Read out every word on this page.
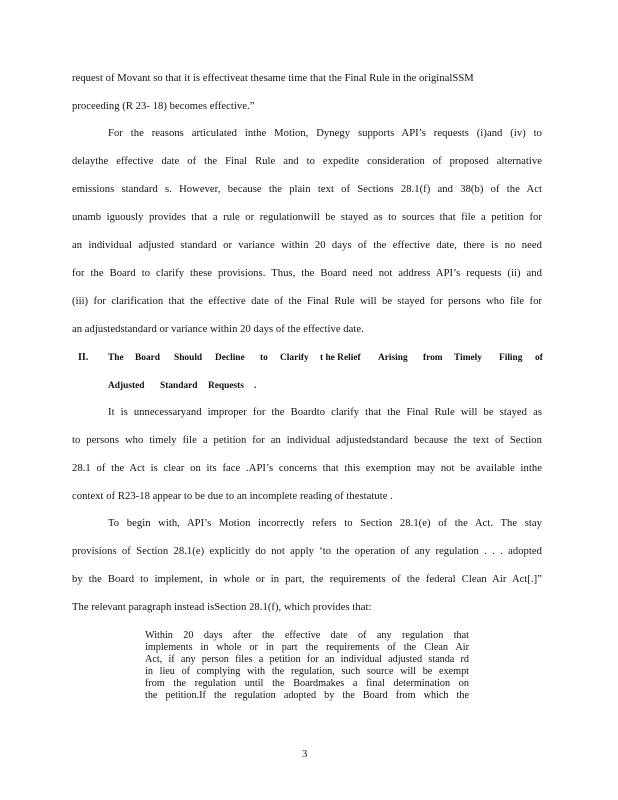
request of Movant so that it is effectiveat thesame time that the Final Rule in the originalSSM
proceeding (R 23- 18) becomes effective.”
For the reasons articulated inthe Motion, Dynegy supports API’s requests (i)and (iv) to
delaythe effective date of the Final Rule and to expedite consideration of proposed alternative
emissions standard s. However, because the plain text of Sections 28.1(f) and 38(b) of the Act
unamb iguously provides that a rule or regulationwill be stayed as to sources that file a petition for
an individual adjusted standard or variance within 20 days of the effective date, there is no need
for the Board to clarify these provisions. Thus, the Board need not address API’s requests (ii) and
(iii) for clarification that the effective date of the Final Rule will be stayed for persons who file for
an adjustedstandard or variance within 20 days of the effective date.
II. The Board Should Decline to Clarify t he Relief Arising from Timely Filing of
Adjusted Standard Requests .
It is unnecessaryand improper for the Boardto clarify that the Final Rule will be stayed as
to persons who timely file a petition for an individual adjustedstandard because the text of Section
28.1 of the Act is clear on its face .API’s concerns that this exemption may not be available inthe
context of R23-18 appear to be due to an incomplete reading of thestatute .
To begin with, API’s Motion incorrectly refers to Section 28.1(e) of the Act. The stay
provisions of Section 28.1(e) explicitly do not apply ‘to the operation of any regulation . . . adopted
by the Board to implement, in whole or in part, the requirements of the federal Clean Air Act[.]”
The relevant paragraph instead isSection 28.1(f), which provides that:
Within 20 days after the effective date of any regulation that
implements in whole or in part the requirements of the Clean Air
Act, if any person files a petition for an individual adjusted standa rd
in lieu of complying with the regulation, such source will be exempt
from the regulation until the Boardmakes a final determination on
the petition.If the regulation adopted by the Board from which the
3
